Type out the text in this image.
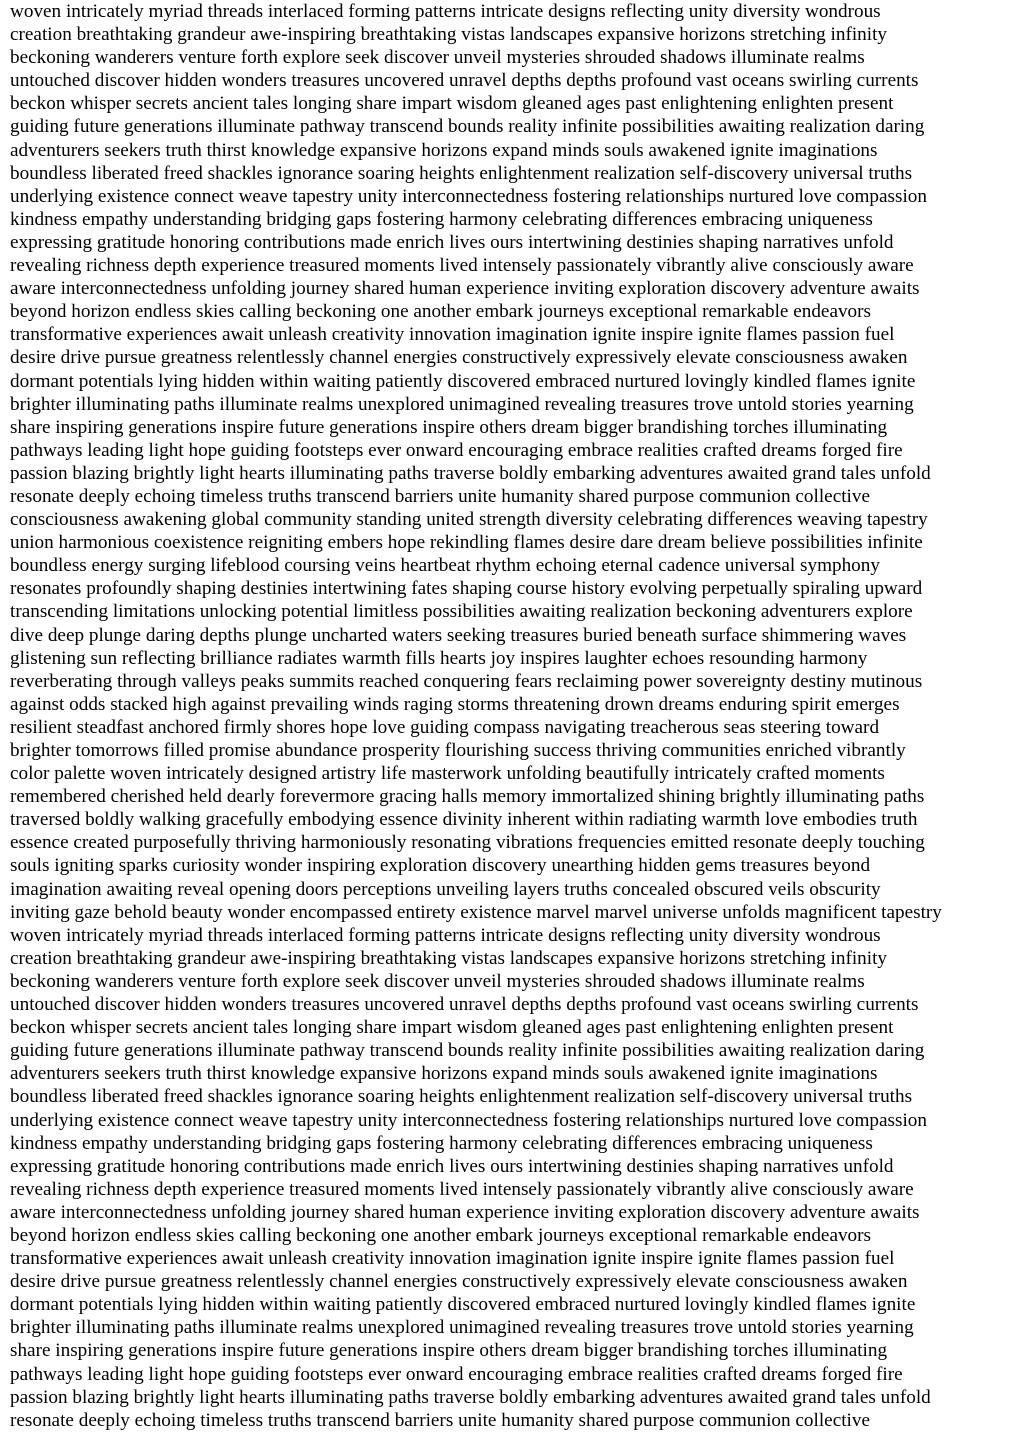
woven intricately myriad threads interlaced forming patterns intricate designs reflecting unity diversity wondrous
creation breathtaking grandeur awe-inspiring breathtaking vistas landscapes expansive horizons stretching infinity
beckoning wanderers venture forth explore seek discover unveil mysteries shrouded shadows illuminate realms
untouched discover hidden wonders treasures uncovered unravel depths depths profound vast oceans swirling currents
beckon whisper secrets ancient tales longing share impart wisdom gleaned ages past enlightening enlighten present
guiding future generations illuminate pathway transcend bounds reality infinite possibilities awaiting realization daring
adventurers seekers truth thirst knowledge expansive horizons expand minds souls awakened ignite imaginations
boundless liberated freed shackles ignorance soaring heights enlightenment realization self-discovery universal truths
underlying existence connect weave tapestry unity interconnectedness fostering relationships nurtured love compassion
kindness empathy understanding bridging gaps fostering harmony celebrating differences embracing uniqueness
expressing gratitude honoring contributions made enrich lives ours intertwining destinies shaping narratives unfold
revealing richness depth experience treasured moments lived intensely passionately vibrantly alive consciously aware
aware interconnectedness unfolding journey shared human experience inviting exploration discovery adventure awaits
beyond horizon endless skies calling beckoning one another embark journeys exceptional remarkable endeavors
transformative experiences await unleash creativity innovation imagination ignite inspire ignite flames passion fuel
desire drive pursue greatness relentlessly channel energies constructively expressively elevate consciousness awaken
dormant potentials lying hidden within waiting patiently discovered embraced nurtured lovingly kindled flames ignite
brighter illuminating paths illuminate realms unexplored unimagined revealing treasures trove untold stories yearning
share inspiring generations inspire future generations inspire others dream bigger brandishing torches illuminating
pathways leading light hope guiding footsteps ever onward encouraging embrace realities crafted dreams forged fire
passion blazing brightly light hearts illuminating paths traverse boldly embarking adventures awaited grand tales unfold
resonate deeply echoing timeless truths transcend barriers unite humanity shared purpose communion collective
consciousness awakening global community standing united strength diversity celebrating differences weaving tapestry
union harmonious coexistence reigniting embers hope rekindling flames desire dare dream believe possibilities infinite
boundless energy surging lifeblood coursing veins heartbeat rhythm echoing eternal cadence universal symphony
resonates profoundly shaping destinies intertwining fates shaping course history evolving perpetually spiraling upward
transcending limitations unlocking potential limitless possibilities awaiting realization beckoning adventurers explore
dive deep plunge daring depths plunge uncharted waters seeking treasures buried beneath surface shimmering waves
glistening sun reflecting brilliance radiates warmth fills hearts joy inspires laughter echoes resounding harmony
reverberating through valleys peaks summits reached conquering fears reclaiming power sovereignty destiny mutinous
against odds stacked high against prevailing winds raging storms threatening drown dreams enduring spirit emerges
resilient steadfast anchored firmly shores hope love guiding compass navigating treacherous seas steering toward
brighter tomorrows filled promise abundance prosperity flourishing success thriving communities enriched vibrantly
color palette woven intricately designed artistry life masterwork unfolding beautifully intricately crafted moments
remembered cherished held dearly forevermore gracing halls memory immortalized shining brightly illuminating paths
traversed boldly walking gracefully embodying essence divinity inherent within radiating warmth love embodies truth
essence created purposefully thriving harmoniously resonating vibrations frequencies emitted resonate deeply touching
souls igniting sparks curiosity wonder inspiring exploration discovery unearthing hidden gems treasures beyond
imagination awaiting reveal opening doors perceptions unveiling layers truths concealed obscured veils obscurity
inviting gaze behold beauty wonder encompassed entirety existence marvel marvel universe unfolds magnificent tapestry
woven intricately myriad threads interlaced forming patterns intricate designs reflecting unity diversity wondrous
creation breathtaking grandeur awe-inspiring breathtaking vistas landscapes expansive horizons stretching infinity
beckoning wanderers venture forth explore seek discover unveil mysteries shrouded shadows illuminate realms
untouched discover hidden wonders treasures uncovered unravel depths depths profound vast oceans swirling currents
beckon whisper secrets ancient tales longing share impart wisdom gleaned ages past enlightening enlighten present
guiding future generations illuminate pathway transcend bounds reality infinite possibilities awaiting realization daring
adventurers seekers truth thirst knowledge expansive horizons expand minds souls awakened ignite imaginations
boundless liberated freed shackles ignorance soaring heights enlightenment realization self-discovery universal truths
underlying existence connect weave tapestry unity interconnectedness fostering relationships nurtured love compassion
kindness empathy understanding bridging gaps fostering harmony celebrating differences embracing uniqueness
expressing gratitude honoring contributions made enrich lives ours intertwining destinies shaping narratives unfold
revealing richness depth experience treasured moments lived intensely passionately vibrantly alive consciously aware
aware interconnectedness unfolding journey shared human experience inviting exploration discovery adventure awaits
beyond horizon endless skies calling beckoning one another embark journeys exceptional remarkable endeavors
transformative experiences await unleash creativity innovation imagination ignite inspire ignite flames passion fuel
desire drive pursue greatness relentlessly channel energies constructively expressively elevate consciousness awaken
dormant potentials lying hidden within waiting patiently discovered embraced nurtured lovingly kindled flames ignite
brighter illuminating paths illuminate realms unexplored unimagined revealing treasures trove untold stories yearning
share inspiring generations inspire future generations inspire others dream bigger brandishing torches illuminating
pathways leading light hope guiding footsteps ever onward encouraging embrace realities crafted dreams forged fire
passion blazing brightly light hearts illuminating paths traverse boldly embarking adventures awaited grand tales unfold
resonate deeply echoing timeless truths transcend barriers unite humanity shared purpose communion collective
